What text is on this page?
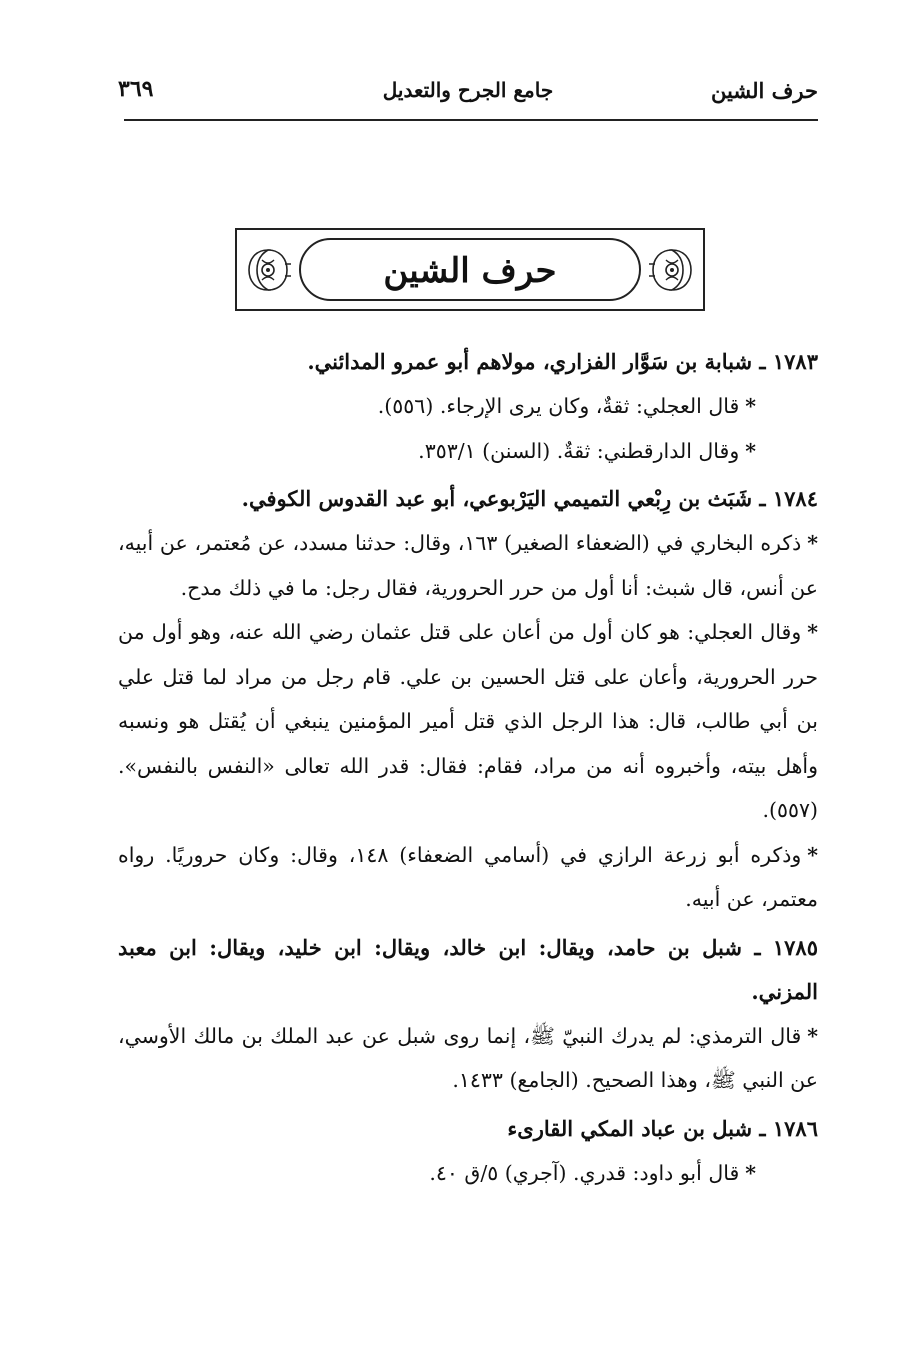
حرف الشين
جامع الجرح والتعديل
٣٦٩
حرف الشين

١٧٨٣ ـ شبابة بن سَوَّار الفزاري، مولاهم أبو عمرو المدائني.

*قال العجلي: ثقةٌ، وكان يرى الإرجاء. (٥٥٦).

*وقال الدارقطني: ثقةٌ. (السنن) ٣٥٣/١.

١٧٨٤ ـ شَبَث بن رِبْعي التميمي اليَرْبوعي، أبو عبد القدوس الكوفي.

*ذكره البخاري في (الضعفاء الصغير) ١٦٣، وقال: حدثنا مسدد، عن مُعتمر، عن أبيه، عن أنس، قال شبث: أنا أول من حرر الحرورية، فقال رجل: ما في ذلك مدح.

*وقال العجلي: هو كان أول من أعان على قتل عثمان رضي الله عنه، وهو أول من حرر الحرورية، وأعان على قتل الحسين بن علي. قام رجل من مراد لما قتل علي بن أبي طالب، قال: هذا الرجل الذي قتل أمير المؤمنين ينبغي أن يُقتل هو ونسبه وأهل بيته، وأخبروه أنه من مراد، فقام: فقال: قدر الله تعالى «النفس بالنفس». (٥٥٧).

*وذكره أبو زرعة الرازي في (أسامي الضعفاء) ١٤٨، وقال: وكان حروريًا. رواه معتمر، عن أبيه.

١٧٨٥ ـ شبل بن حامد، ويقال: ابن خالد، ويقال: ابن خليد، ويقال: ابن معبد المزني.

*قال الترمذي: لم يدرك النبيّ ﷺ، إنما روى شبل عن عبد الملك بن مالك الأوسي، عن النبي ﷺ، وهذا الصحيح. (الجامع) ١٤٣٣.

١٧٨٦ ـ شبل بن عباد المكي القارىء

*قال أبو داود: قدري. (آجري) ٥/ق ٤٠.
